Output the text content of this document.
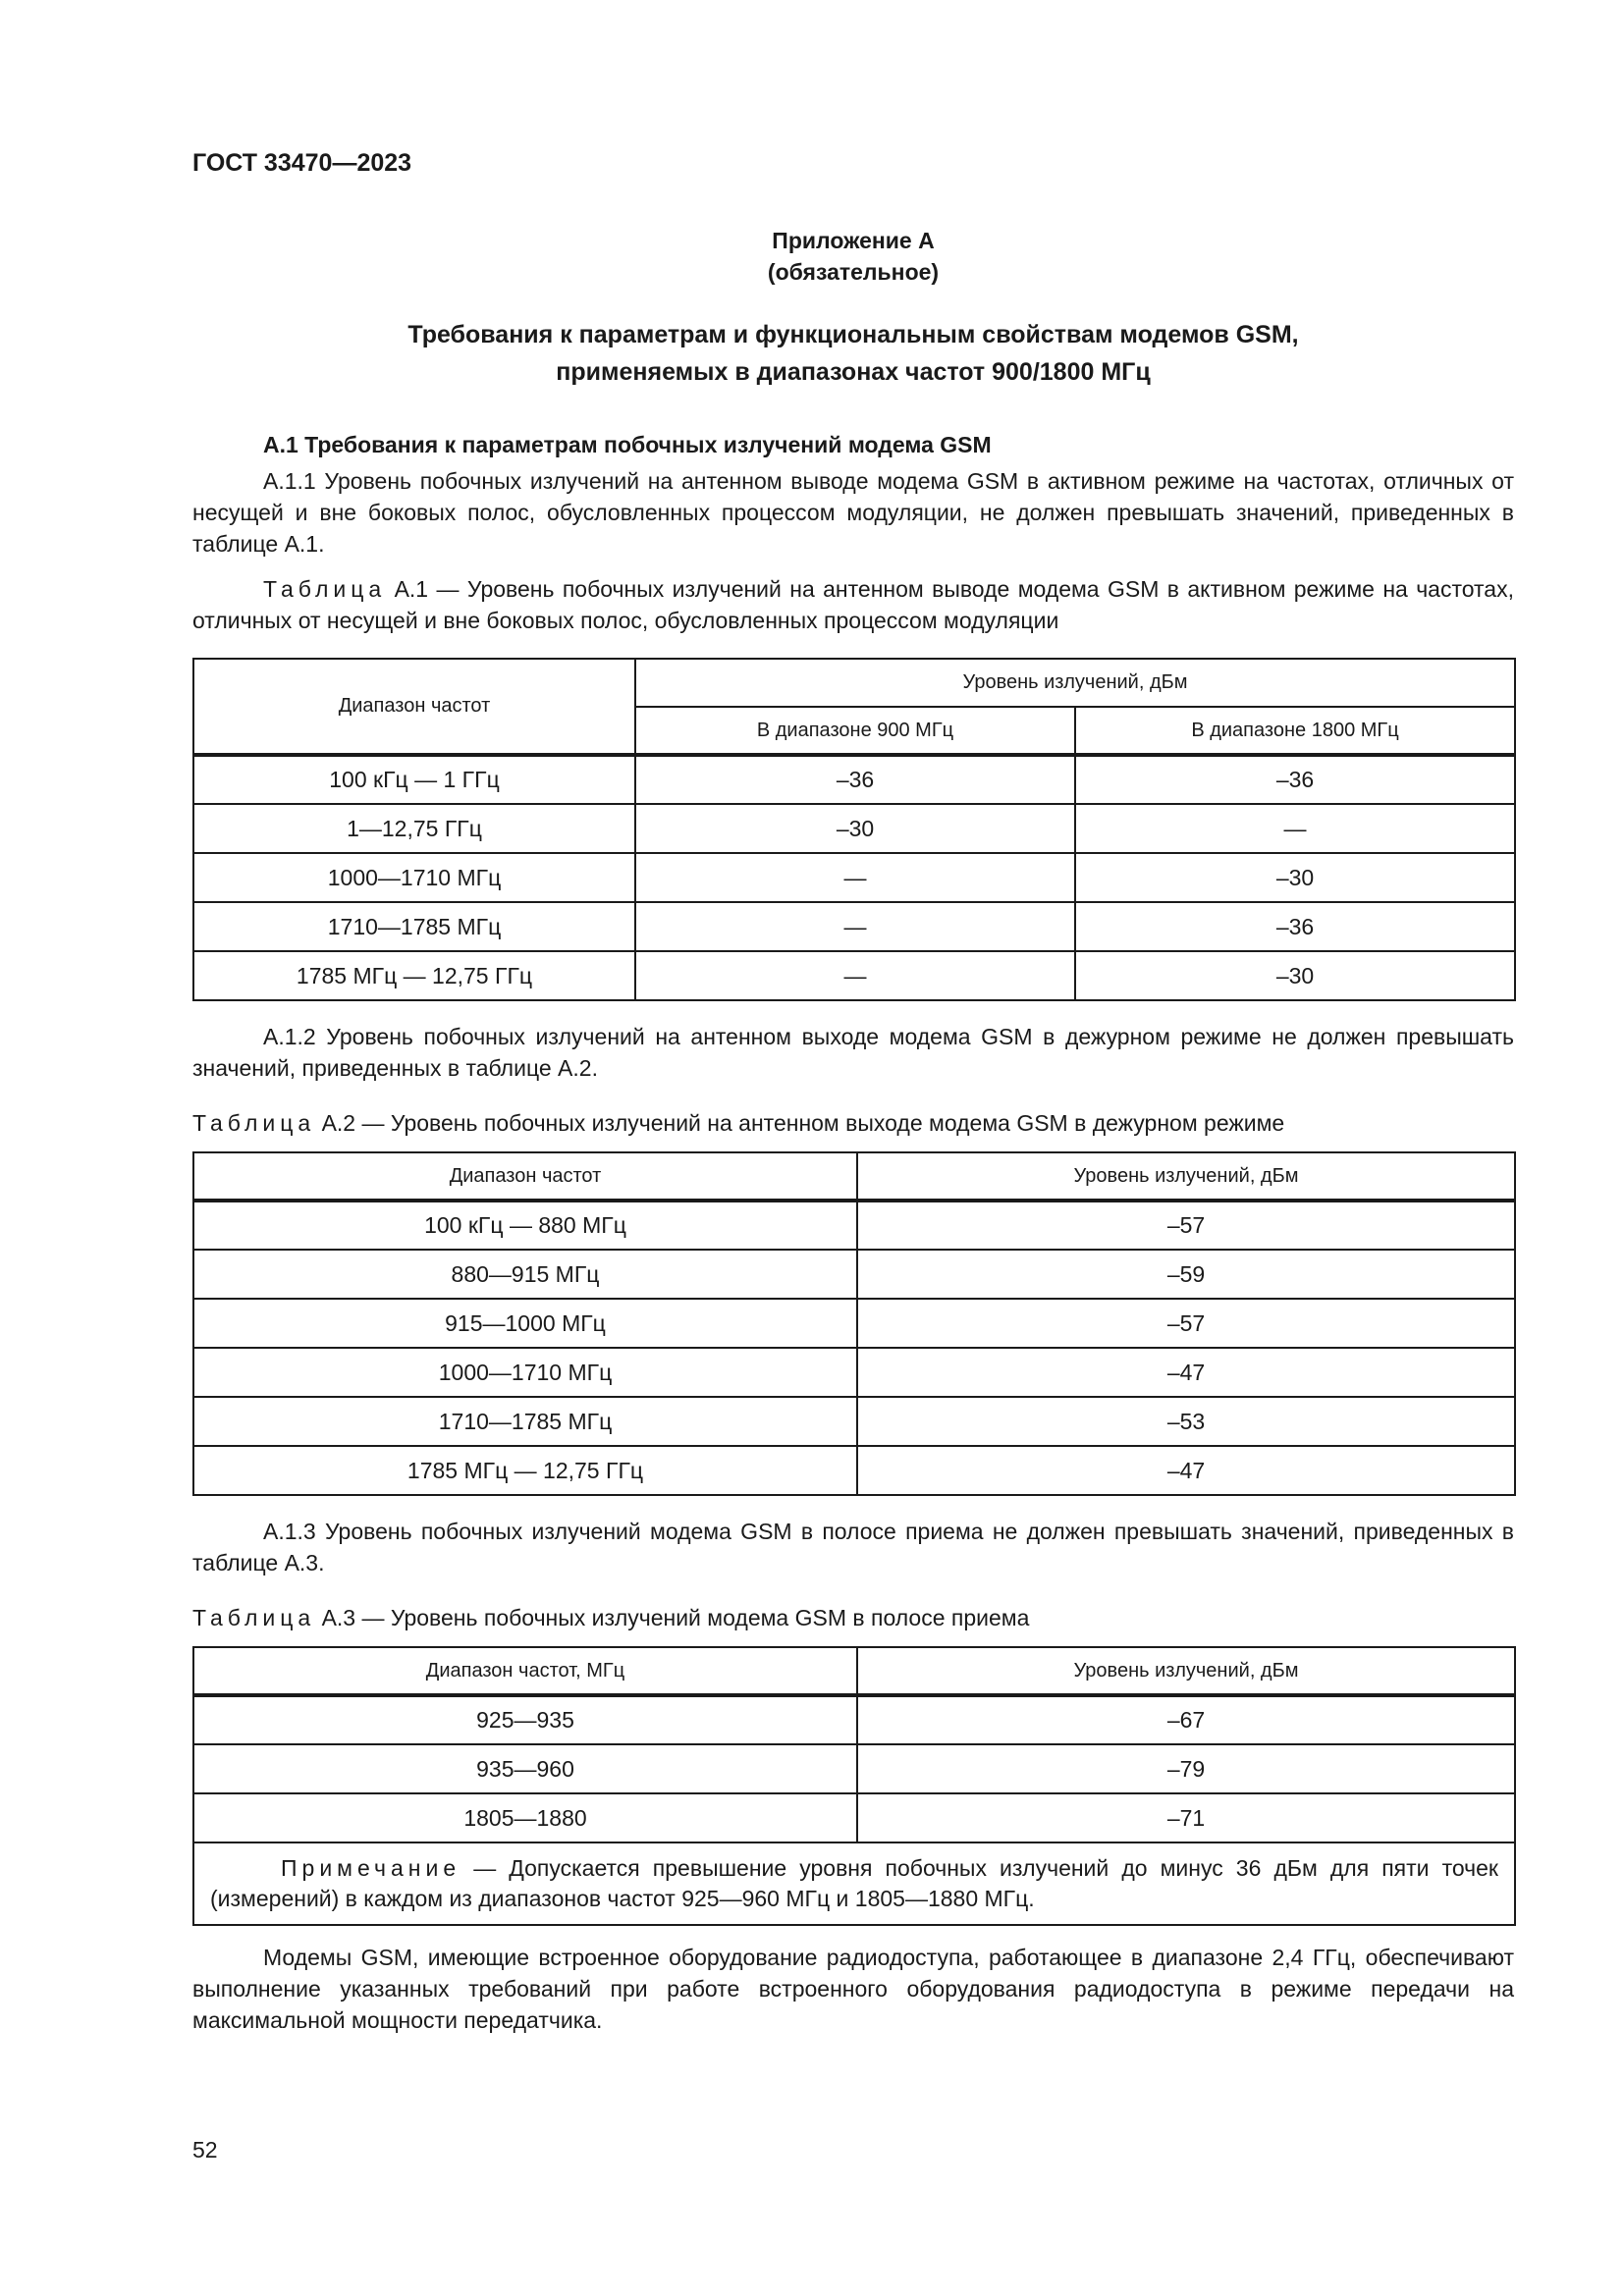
ГОСТ 33470—2023
Приложение А
(обязательное)
Требования к параметрам и функциональным свойствам модемов GSM,
применяемых в диапазонах частот 900/1800 МГц
А.1 Требования к параметрам побочных излучений модема GSM

А.1.1 Уровень побочных излучений на антенном выводе модема GSM в активном режиме на частотах, отличных от несущей и вне боковых полос, обусловленных процессом модуляции, не должен превышать значений, приведенных в таблице А.1.

Таблица А.1 — Уровень побочных излучений на антенном выводе модема GSM в активном режиме на частотах, отличных от несущей и вне боковых полос, обусловленных процессом модуляции

Диапазон частот	Уровень излучений, дБм	
	В диапазоне 900 МГц	В диапазоне 1800 МГц
100 кГц — 1 ГГц	–36	–36
1—12,75 ГГц	–30	—
1000—1710 МГц	—	–30
1710—1785 МГц	—	–36
1785 МГц — 12,75 ГГц	—	–30

А.1.2 Уровень побочных излучений на антенном выходе модема GSM в дежурном режиме не должен превышать значений, приведенных в таблице А.2.

Таблица А.2 — Уровень побочных излучений на антенном выходе модема GSM в дежурном режиме

Диапазон частот	Уровень излучений, дБм
100 кГц — 880 МГц	–57
880—915 МГц	–59
915—1000 МГц	–57
1000—1710 МГц	–47
1710—1785 МГц	–53
1785 МГц — 12,75 ГГц	–47

А.1.3 Уровень побочных излучений модема GSM в полосе приема не должен превышать значений, приведенных в таблице А.3.

Таблица А.3 — Уровень побочных излучений модема GSM в полосе приема

Диапазон частот, МГц	Уровень излучений, дБм
925—935	–67
935—960	–79
1805—1880	–71
Примечание — Допускается превышение уровня побочных излучений до минус 36 дБм для пяти точек (измерений) в каждом из диапазонов частот 925—960 МГц и 1805—1880 МГц.	

Модемы GSM, имеющие встроенное оборудование радиодоступа, работающее в диапазоне 2,4 ГГц, обеспечивают выполнение указанных требований при работе встроенного оборудования радиодоступа в режиме передачи на максимальной мощности передатчика.

52
